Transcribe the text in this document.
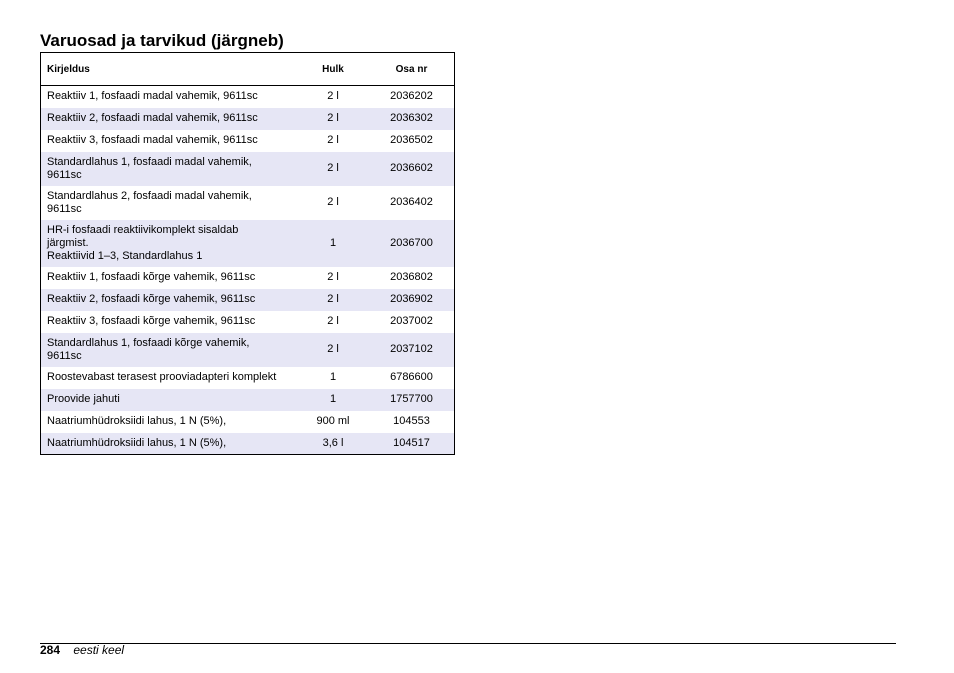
Varuosad ja tarvikud (järgneb)
Kirjeldus	Hulk	Osa nr

Reaktiiv 1, fosfaadi madal vahemik, 9611sc	2 l	2036202

Reaktiiv 2, fosfaadi madal vahemik, 9611sc	2 l	2036302

Reaktiiv 3, fosfaadi madal vahemik, 9611sc	2 l	2036502

Standardlahus 1, fosfaadi madal vahemik,
9611sc	2 l	2036602

Standardlahus 2, fosfaadi madal vahemik,
9611sc	2 l	2036402

HR-i fosfaadi reaktiivikomplekt sisaldab
järgmist.
Reaktiivid 1–3, Standardlahus 1	1	2036700

Reaktiiv 1, fosfaadi kõrge vahemik, 9611sc	2 l	2036802

Reaktiiv 2, fosfaadi kõrge vahemik, 9611sc	2 l	2036902

Reaktiiv 3, fosfaadi kõrge vahemik, 9611sc	2 l	2037002

Standardlahus 1, fosfaadi kõrge vahemik,
9611sc	2 l	2037102

Roostevabast terasest prooviadapteri komplekt	1	6786600

Proovide jahuti	1	1757700

Naatriumhüdroksiidi lahus, 1 N (5%),	900 ml	104553

Naatriumhüdroksiidi lahus, 1 N (5%),	3,6 l	104517
284 eesti keel
